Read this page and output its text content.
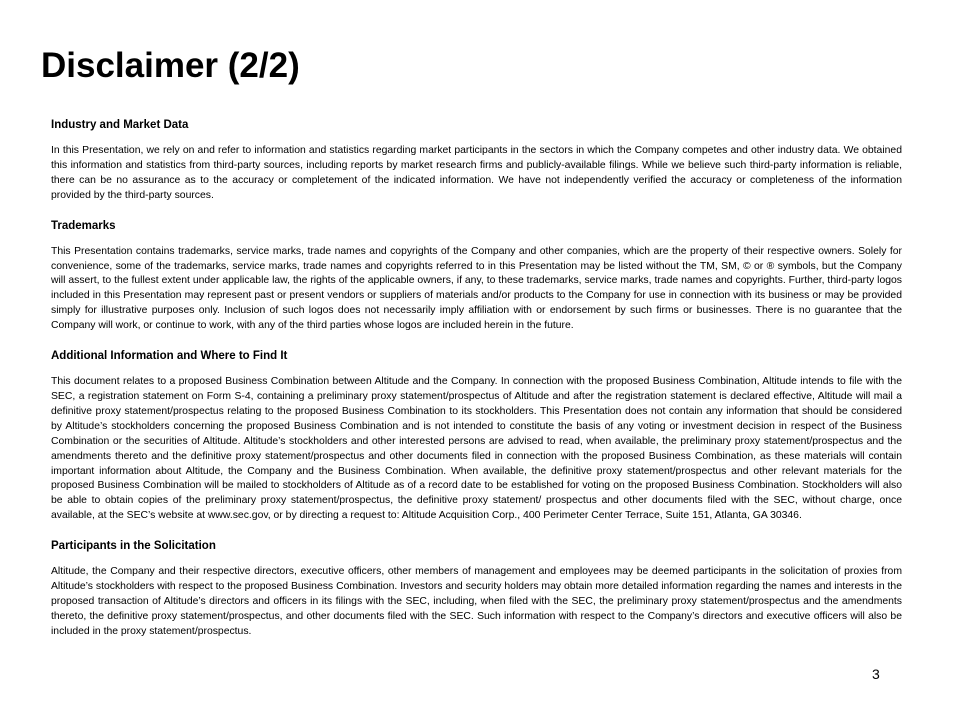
Disclaimer (2/2)

Industry and Market Data

In this Presentation, we rely on and refer to information and statistics regarding market participants in the sectors in which the Company competes and other industry data. We obtained this information and statistics from third-party sources, including reports by market research firms and publicly-available filings. While we believe such third-party information is reliable, there can be no assurance as to the accuracy or completement of the indicated information. We have not independently verified the accuracy or completeness of the information provided by the third-party sources.

Trademarks

This Presentation contains trademarks, service marks, trade names and copyrights of the Company and other companies, which are the property of their respective owners. Solely for convenience, some of the trademarks, service marks, trade names and copyrights referred to in this Presentation may be listed without the TM, SM, © or ® symbols, but the Company will assert, to the fullest extent under applicable law, the rights of the applicable owners, if any, to these trademarks, service marks, trade names and copyrights. Further, third-party logos included in this Presentation may represent past or present vendors or suppliers of materials and/or products to the Company for use in connection with its business or may be provided simply for illustrative purposes only. Inclusion of such logos does not necessarily imply affiliation with or endorsement by such firms or businesses. There is no guarantee that the Company will work, or continue to work, with any of the third parties whose logos are included herein in the future.

Additional Information and Where to Find It

This document relates to a proposed Business Combination between Altitude and the Company. In connection with the proposed Business Combination, Altitude intends to file with the SEC, a registration statement on Form S-4, containing a preliminary proxy statement/prospectus of Altitude and after the registration statement is declared effective, Altitude will mail a definitive proxy statement/prospectus relating to the proposed Business Combination to its stockholders. This Presentation does not contain any information that should be considered by Altitude’s stockholders concerning the proposed Business Combination and is not intended to constitute the basis of any voting or investment decision in respect of the Business Combination or the securities of Altitude. Altitude’s stockholders and other interested persons are advised to read, when available, the preliminary proxy statement/prospectus and the amendments thereto and the definitive proxy statement/prospectus and other documents filed in connection with the proposed Business Combination, as these materials will contain important information about Altitude, the Company and the Business Combination. When available, the definitive proxy statement/prospectus and other relevant materials for the proposed Business Combination will be mailed to stockholders of Altitude as of a record date to be established for voting on the proposed Business Combination. Stockholders will also be able to obtain copies of the preliminary proxy statement/prospectus, the definitive proxy statement/ prospectus and other documents filed with the SEC, without charge, once available, at the SEC’s website at www.sec.gov, or by directing a request to: Altitude Acquisition Corp., 400 Perimeter Center Terrace, Suite 151, Atlanta, GA 30346.

Participants in the Solicitation

Altitude, the Company and their respective directors, executive officers, other members of management and employees may be deemed participants in the solicitation of proxies from Altitude’s stockholders with respect to the proposed Business Combination. Investors and security holders may obtain more detailed information regarding the names and interests in the proposed transaction of Altitude’s directors and officers in its filings with the SEC, including, when filed with the SEC, the preliminary proxy statement/prospectus and the amendments thereto, the definitive proxy statement/prospectus, and other documents filed with the SEC. Such information with respect to the Company’s directors and executive officers will also be included in the proxy statement/prospectus.

3
